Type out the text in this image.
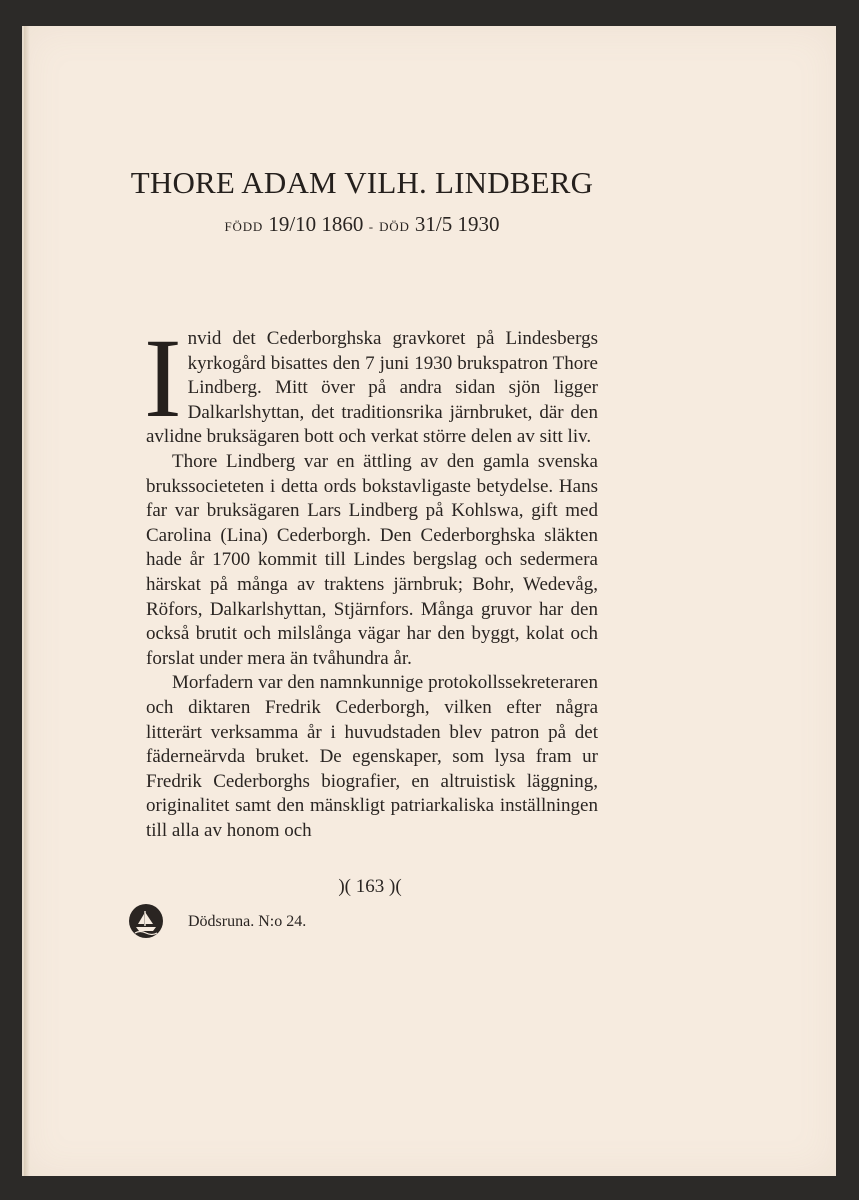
THORE ADAM VILH. LINDBERG
FÖDD 19/10 1860 - DÖD 31/5 1930

Invid det Cederborghska gravkoret på Lindesbergs kyrkogård bisattes den 7 juni 1930 brukspatron Thore Lindberg. Mitt över på andra sidan sjön ligger Dalkarlshyttan, det traditionsrika järnbruket, där den avlidne bruksägaren bott och verkat större delen av sitt liv.

Thore Lindberg var en ättling av den gamla svenska brukssocieteten i detta ords bokstavligaste betydelse. Hans far var bruksägaren Lars Lindberg på Kohlswa, gift med Carolina (Lina) Cederborgh. Den Cederborghska släkten hade år 1700 kommit till Lindes bergslag och sedermera härskat på många av traktens järnbruk; Bohr, Wedevåg, Röfors, Dalkarlshyttan, Stjärnfors. Många gruvor har den också brutit och milslånga vägar har den byggt, kolat och forslat under mera än tvåhundra år.

Morfadern var den namnkunnige protokollssekreteraren och diktaren Fredrik Cederborgh, vilken efter några litterärt verksamma år i huvudstaden blev patron på det fäderneärvda bruket. De egenskaper, som lysa fram ur Fredrik Cederborghs biografier, en altruistisk läggning, originalitet samt den mänskligt patriarkaliska inställningen till alla av honom och

)( 163 )(
Dödsruna. N:o 24.
